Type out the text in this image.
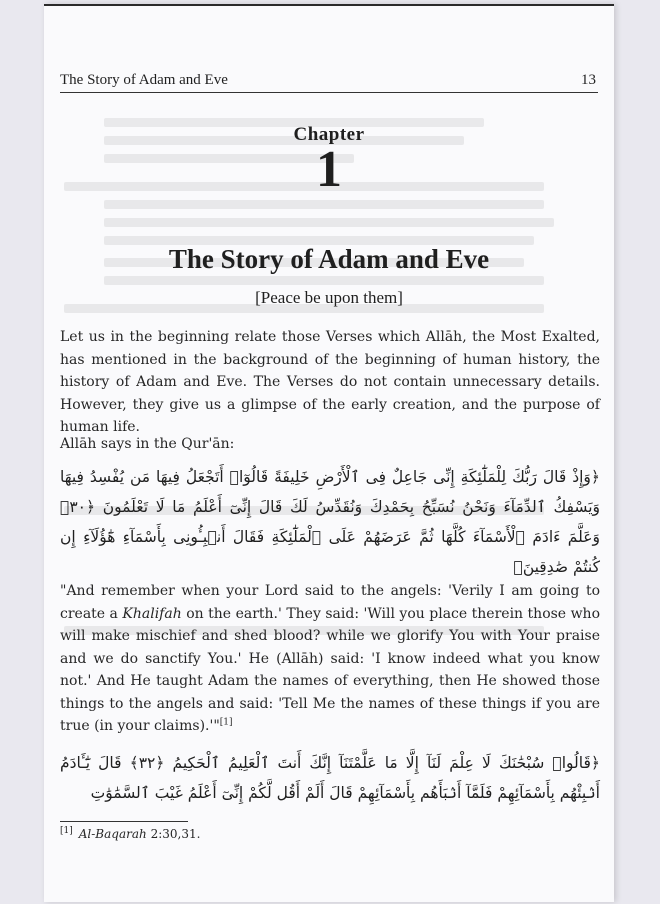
The Story of Adam and Eve	13
Chapter
1
The Story of Adam and Eve
[Peace be upon them]
Let us in the beginning relate those Verses which Allāh, the Most Exalted, has mentioned in the background of the beginning of human history, the history of Adam and Eve. The Verses do not contain unnecessary details. However, they give us a glimpse of the early creation, and the purpose of human life.
Allāh says in the Qur'ān:
﴿وَإِذْ قَالَ رَبُّكَ لِلْمَلَٰٓئِكَةِ إِنِّى جَاعِلٌ فِى ٱلْأَرْضِ خَلِيفَةً قَالُوٓا۟ أَتَجْعَلُ فِيهَا مَن يُفْسِدُ فِيهَا وَيَسْفِكُ ٱلدِّمَآءَ وَنَحْنُ نُسَبِّحُ بِحَمْدِكَ وَنُقَدِّسُ لَكَ قَالَ إِنِّىٓ أَعْلَمُ مَا لَا تَعْلَمُونَ ﴿٣٠﴾ وَعَلَّمَ ءَادَمَ ٱلْأَسْمَآءَ كُلَّهَا ثُمَّ عَرَضَهُمْ عَلَى ٱلْمَلَٰٓئِكَةِ فَقَالَ أَنۢبِـُٔونِى بِأَسْمَآءِ هَٰٓؤُلَآءِ إِن كُنتُمْ صَٰدِقِينَ﴾
"And remember when your Lord said to the angels: 'Verily I am going to create a Khalifah on the earth.' They said: 'Will you place therein those who will make mischief and shed blood? while we glorify You with Your praise and we do sanctify You.' He (Allāh) said: 'I know indeed what you know not.' And He taught Adam the names of everything, then He showed those things to the angels and said: 'Tell Me the names of these things if you are true (in your claims).'"[1]
﴿قَالُوا۟ سُبْحَٰنَكَ لَا عِلْمَ لَنَآ إِلَّا مَا عَلَّمْتَنَآ إِنَّكَ أَنتَ ٱلْعَلِيمُ ٱلْحَكِيمُ ﴿٣٢﴾ قَالَ يَٰٓـَٔادَمُ أَنۢبِئْهُم بِأَسْمَآئِهِمْ فَلَمَّآ أَنۢبَأَهُم بِأَسْمَآئِهِمْ قَالَ أَلَمْ أَقُل لَّكُمْ إِنِّىٓ أَعْلَمُ غَيْبَ ٱلسَّمَٰوَٰتِ
[1] Al-Baqarah 2:30,31.
